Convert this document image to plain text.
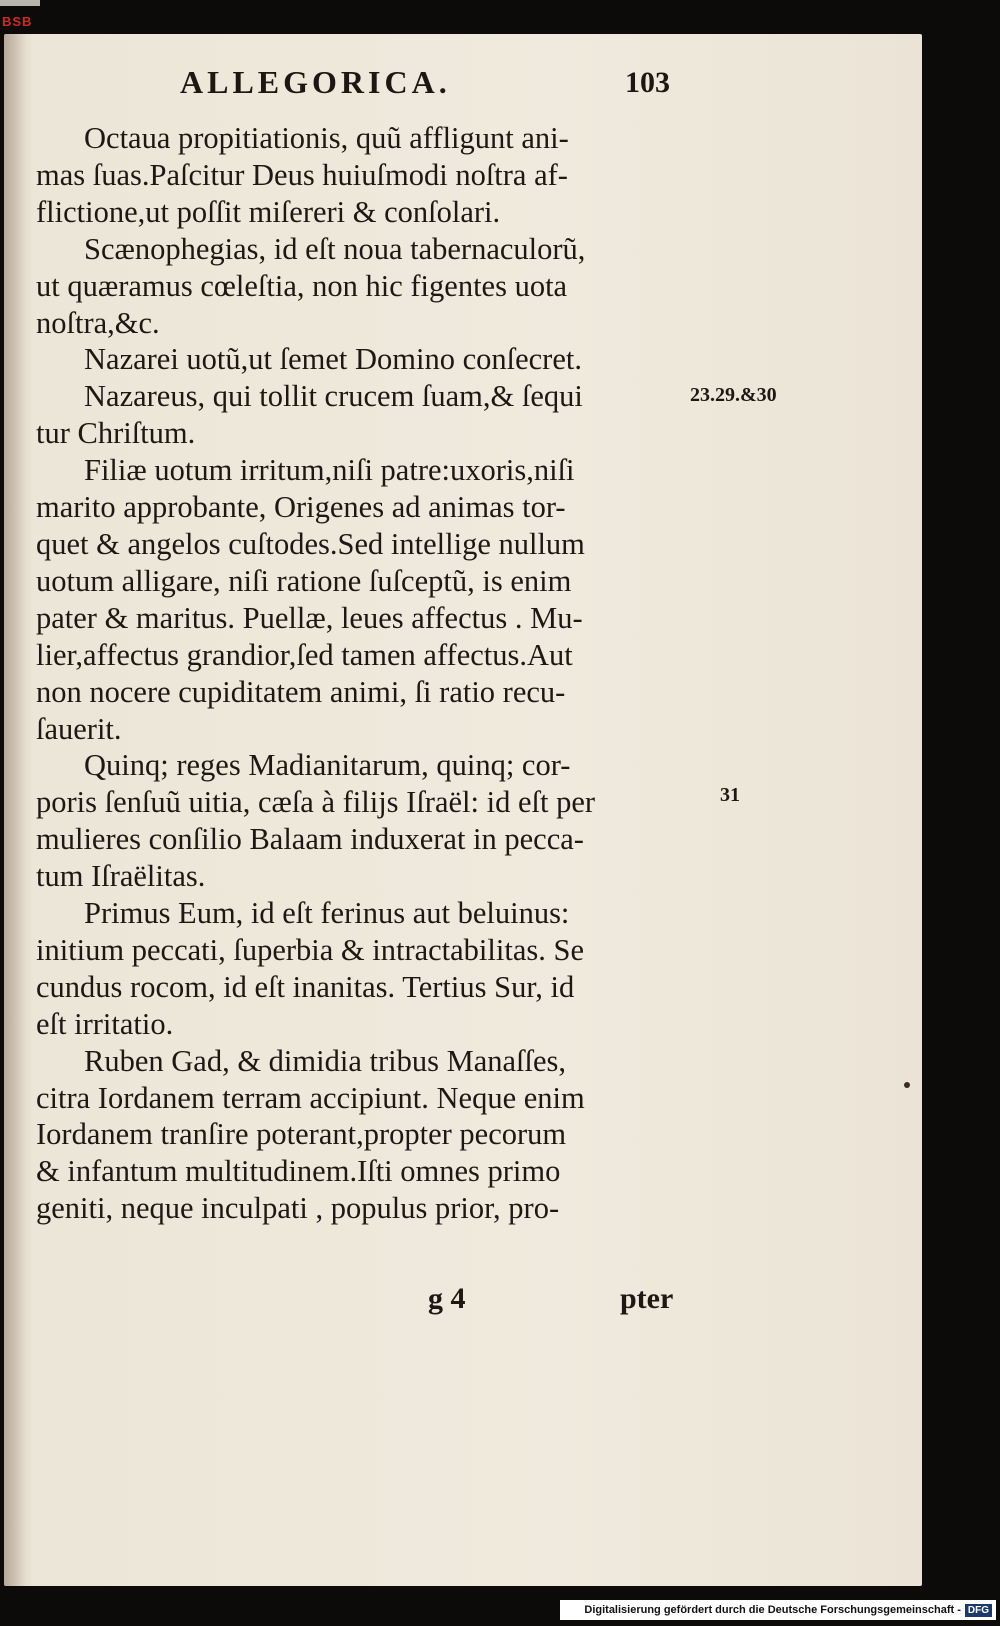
BSB
ALLEGORICA.	103
Octaua propitiationis, quũ affligunt ani-
mas ſuas.Paſcitur Deus huiuſmodi noſtra af-
flictione,ut poſſit miſereri & conſolari.
Scænophegias, id eſt noua tabernaculorũ,
ut quæramus cœleſtia, non hic figentes uota
noſtra,&c.
Nazarei uotũ,ut ſemet Domino conſecret.
Nazareus, qui tollit crucem ſuam,& ſequi
tur Chriſtum.
Filiæ uotum irritum,niſi patre:uxoris,niſi
marito approbante, Origenes ad animas tor-
quet & angelos cuſtodes.Sed intellige nullum
uotum alligare, niſi ratione ſuſceptũ, is enim
pater & maritus. Puellæ, leues affectus . Mu-
lier,affectus grandior,ſed tamen affectus.Aut
non nocere cupiditatem animi, ſi ratio recu-
ſauerit.
Quinq; reges Madianitarum, quinq; cor-
poris ſenſuũ uitia, cæſa à filijs Iſraël: id eſt per
mulieres conſilio Balaam induxerat in pecca-
tum Iſraëlitas.
Primus Eum, id eſt ferinus aut beluinus:
initium peccati, ſuperbia & intractabilitas. Se
cundus rocom, id eſt inanitas. Tertius Sur, id
eſt irritatio.
Ruben Gad, & dimidia tribus Manaſſes,
citra Iordanem terram accipiunt. Neque enim
Iordanem tranſire poterant,propter pecorum
& infantum multitudinem.Iſti omnes primo
geniti, neque inculpati , populus prior, pro-
23.29.&30
31
g 4	pter
Digitalisierung gefördert durch die Deutsche Forschungsgemeinschaft - DFG
